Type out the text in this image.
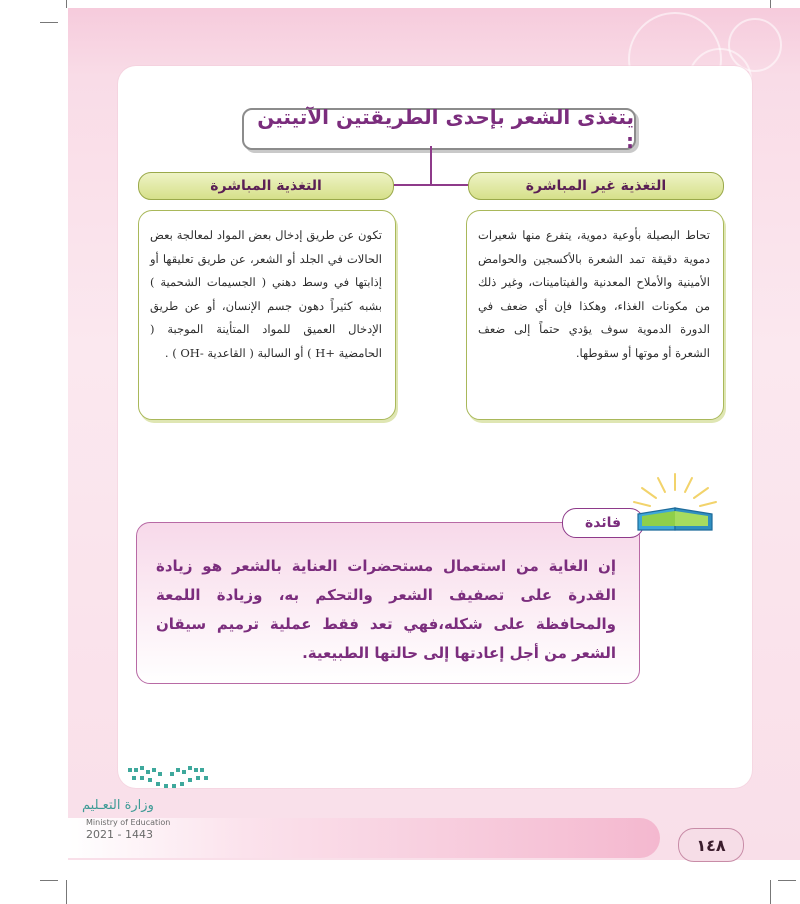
يتغذى الشعر بإحدى الطريقتين الآتيتين :
التغذية غير المباشرة
التغذية المباشرة
تحاط البصيلة بأوعية دموية، يتفرع منها شعيرات دموية دقيقة تمد الشعرة بالأكسجين والحوامض الأمينية والأملاح المعدنية والفيتامينات، وغير ذلك من مكونات الغذاء، وهكذا فإن أي ضعف في الدورة الدموية سوف يؤدي حتماً إلى ضعف الشعرة أو موتها أو سقوطها.
تكون عن طريق إدخال بعض المواد لمعالجة بعض الحالات في الجلد أو الشعر، عن طريق تعليقها أو إذابتها في وسط دهني ( الجسيمات الشحمية ) بشبه كثيراً دهون جسم الإنسان، أو عن طريق الإدخال العميق للمواد المتأينة الموجبة ( الحامضية +H ) أو السالبة ( القاعدية -OH ) .
إن الغاية من استعمال مستحضرات العناية بالشعر هو زيادة القدرة على تصفيف الشعر والتحكم به، وزيادة اللمعة والمحافظة على شكله،فهي تعد فقط عملية ترميم سيقان الشعر من أجل إعادتها إلى حالتها الطبيعية.
فائدة
١٤٨
وزارة التعـليم
Ministry of Education
2021 - 1443
